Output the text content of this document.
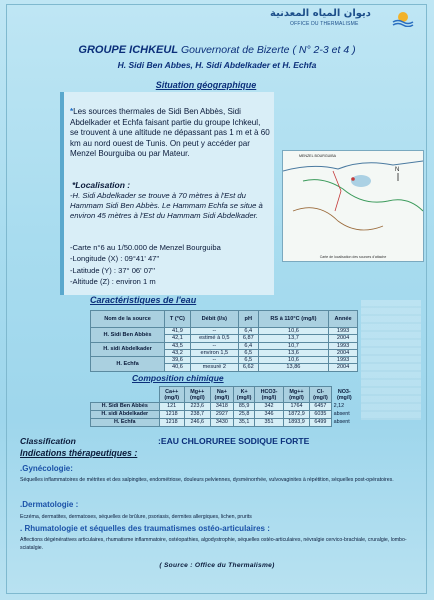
ديوان المياه المعدنية
OFFICE DU THERMALISME
GROUPE ICHKEUL Gouvernorat de Bizerte ( N° 2-3 et 4 )
H. Sidi Ben Abbes, H. Sidi Abdelkader et H. Echfa
Situation géographique
*Les sources thermales de Sidi Ben Abbès, Sidi Abdelkader et Echfa faisant partie du groupe Ichkeul, se trouvent à une altitude ne dépassant pas 1 m et à 60 km au nord ouest de Tunis. On peut y accéder par Menzel Bourguiba ou par Mateur.
*Localisation :
-H. Sidi Abdelkader se trouve à 70 mètres à l'Est du Hammam Sidi Ben Abbès. Le Hammam Echfa se situe à environ 45 mètres à l'Est du Hammam Sidi Abdelkader.
-Carte n°6 au 1/50.000 de Menzel Bourguiba
-Longitude (X) : 09°41' 47''
-Latitude (Y) : 37° 06' 07''
-Altitude (Z) : environ 1 m
N
MENZEL BOURGUIBA
Carte de localisation des sources d'attache
Caractéristiques de l'eau
Nom de la source	T (°C)	Débit (l/s)	pH	RS à 110°C (mg/l)	Année
H. Sidi Ben Abbès	41,9	--	6,4	10,6	1993
	42,1	estimé à 0,5	6,87	13,7	2004
H. sidi Abdelkader	43,5	--	6,4	10,7	1993
	43,2	environ 1,5	6,5	13,6	2004
H. Echfa	39,6	--	6,5	10,6	1993
	40,6	mesuré 2	6,62	13,86	2004
Composition chimique
	Ca++ (mg/l)	Mg++ (mg/l)	Na+ (mg/l)	K+ (mg/l)	HCO3- (mg/l)	Mg++ (mg/l)	Cl- (mg/l)	NO3- (mg/l)
H. Sidi Ben Abbès	121	223,6	3418	85,9	342	1764	6457	2,12
H. sidi Abdelkader	1218	238,7	2927	25,8	346	1872,9	6035	absent
H. Echfa	1218	246,6	3430	35,1	351	1893,9	6499	absent
Classification	:EAU CHLORUREE SODIQUE FORTE
Indications thérapeutiques :
.Gynécologie:
Séquelles inflammatoires de métrites et des salpingites, endométriose, douleurs pelviennes, dysménorrhée, vulvovaginites à répétition, séquelles post-opératoires.
.Dermatologie :
Eczéma, dermatites, dermatoses, séquelles de brûlure, psoriasis, dermites allergiques, lichen, prurits
. Rhumatologie et séquelles des traumatismes ostéo-articulaires :
Affections dégénératives articulaires, rhumatisme inflammatoire, ostéopathies, algodystrophie, séquelles ostéo-articulaires, névralgie cervico-brachiale, cruralgie, lombo-sciatalgie.
( Source : Office du Thermalisme)
